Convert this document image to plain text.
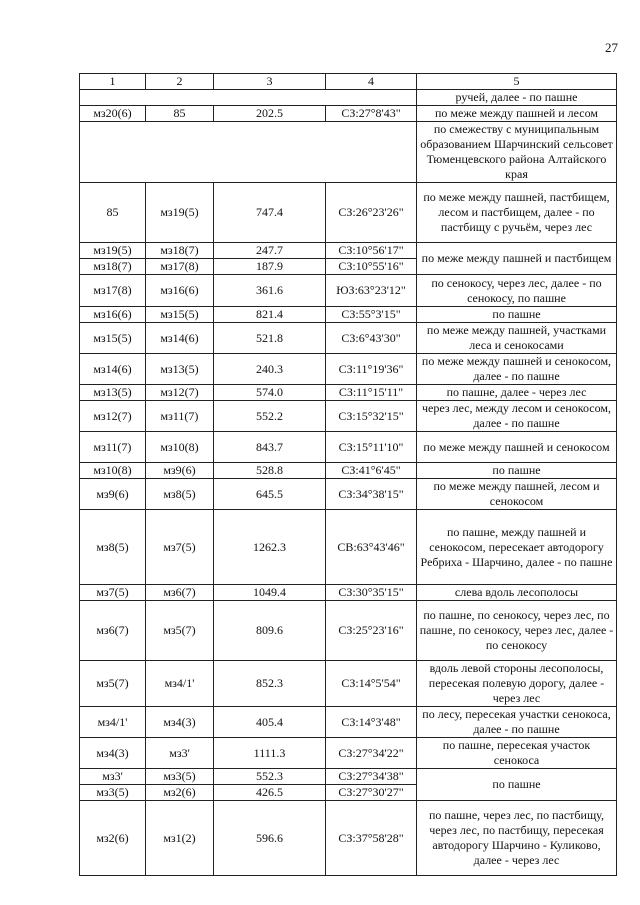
27
1	2	3	4	5
				ручей, далее - по пашне
мз20(6)	85	202.5	СЗ:27°8'43"	по меже между пашней и лесом
				по смежеству с муниципальным образованием Шарчинский сельсовет Тюменцевского района Алтайского края
85	мз19(5)	747.4	СЗ:26°23'26"	по меже между пашней, пастбищем, лесом и пастбищем, далее - по пастбищу с ручьём, через лес
мз19(5)	мз18(7)	247.7	СЗ:10°56'17"	по меже между пашней и пастбищем
мз18(7)	мз17(8)	187.9	СЗ:10°55'16"	
мз17(8)	мз16(6)	361.6	ЮЗ:63°23'12"	по сенокосу, через лес, далее - по сенокосу, по пашне
мз16(6)	мз15(5)	821.4	СЗ:55°3'15"	по пашне
мз15(5)	мз14(6)	521.8	СЗ:6°43'30"	по меже между пашней, участками леса и сенокосами
мз14(6)	мз13(5)	240.3	СЗ:11°19'36"	по меже между пашней и сенокосом, далее - по пашне
мз13(5)	мз12(7)	574.0	СЗ:11°15'11"	по пашне, далее - через лес
мз12(7)	мз11(7)	552.2	СЗ:15°32'15"	через лес, между лесом и сенокосом, далее - по пашне
мз11(7)	мз10(8)	843.7	СЗ:15°11'10"	по меже между пашней и сенокосом
мз10(8)	мз9(6)	528.8	СЗ:41°6'45"	по пашне
мз9(6)	мз8(5)	645.5	СЗ:34°38'15"	по меже между пашней, лесом и сенокосом
мз8(5)	мз7(5)	1262.3	СВ:63°43'46"	по пашне, между пашней и сенокосом, пересекает автодорогу Ребриха - Шарчино, далее - по пашне
мз7(5)	мз6(7)	1049.4	СЗ:30°35'15"	слева вдоль лесополосы
мз6(7)	мз5(7)	809.6	СЗ:25°23'16"	по пашне, по сенокосу, через лес, по пашне, по сенокосу, через лес, далее - по сенокосу
мз5(7)	мз4/1'	852.3	СЗ:14°5'54"	вдоль левой стороны лесополосы, пересекая полевую дорогу, далее - через лес
мз4/1'	мз4(3)	405.4	СЗ:14°3'48"	по лесу, пересекая участки сенокоса, далее - по пашне
мз4(3)	мз3'	1111.3	СЗ:27°34'22"	по пашне, пересекая участок сенокоса
мз3'	мз3(5)	552.3	СЗ:27°34'38"	по пашне
мз3(5)	мз2(6)	426.5	СЗ:27°30'27"	
мз2(6)	мз1(2)	596.6	СЗ:37°58'28"	по пашне, через лес, по пастбищу, через лес, по пастбищу, пересекая автодорогу Шарчино - Куликово, далее - через лес
